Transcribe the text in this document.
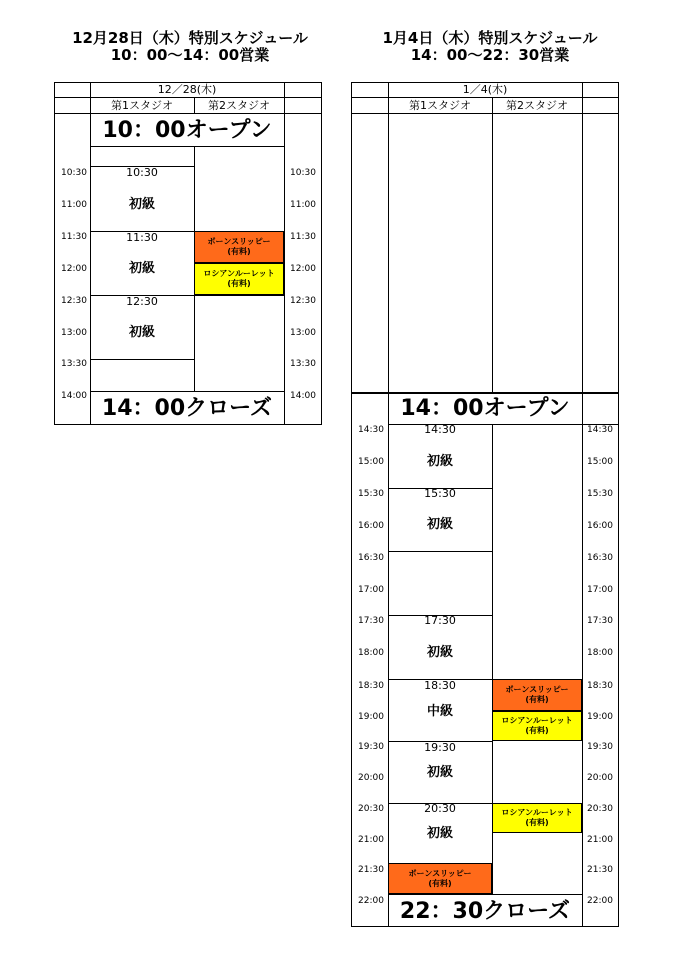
12月28日（木）特別スケジュール
10：00～14：00営業
12／28(木)
第1スタジオ	第2スタジオ
10：00オープン
14：00クローズ
10:30
11:00
11:30
12:00
12:30
13:00
13:30
14:00
10:30
11:00
11:30
12:00
12:30
13:00
13:30
14:00
10:30
初級
11:30
初級
12:30
初級
ボーンスリッピー
(有料)
ロシアンルーレット
(有料)
1月4日（木）特別スケジュール
14：00～22：30営業
1／4(木)
第1スタジオ	第2スタジオ
14：00オープン
22：30クローズ
14:30
15:00
15:30
16:00
16:30
17:00
17:30
18:00
18:30
19:00
19:30
20:00
20:30
21:00
21:30
22:00
14:30
15:00
15:30
16:00
16:30
17:00
17:30
18:00
18:30
19:00
19:30
20:00
20:30
21:00
21:30
22:00
14:30
初級
15:30
初級
17:30
初級
18:30
中級
19:30
初級
20:30
初級
ボーンスリッピー
(有料)
ロシアンルーレット
(有料)
ロシアンルーレット
(有料)
ボーンスリッピー
(有料)
